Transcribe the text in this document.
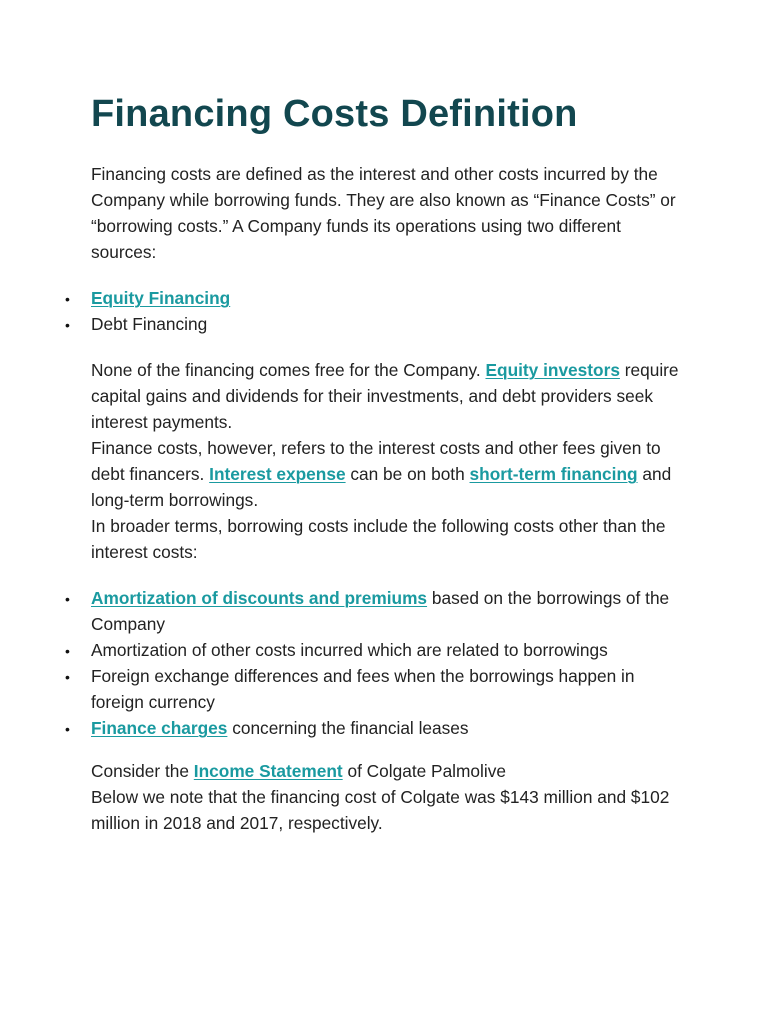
Financing Costs Definition

Financing costs are defined as the interest and other costs incurred by the Company while borrowing funds. They are also known as “Finance Costs” or “borrowing costs.” A Company funds its operations using two different sources:

• Equity Financing
• Debt Financing

None of the financing comes free for the Company. Equity investors require capital gains and dividends for their investments, and debt providers seek interest payments.

Finance costs, however, refers to the interest costs and other fees given to debt financers. Interest expense can be on both short-term financing and long-term borrowings.

In broader terms, borrowing costs include the following costs other than the interest costs:

• Amortization of discounts and premiums based on the borrowings of the Company
• Amortization of other costs incurred which are related to borrowings
• Foreign exchange differences and fees when the borrowings happen in foreign currency
• Finance charges concerning the financial leases

Consider the Income Statement of Colgate Palmolive

Below we note that the financing cost of Colgate was $143 million and $102 million in 2018 and 2017, respectively.
